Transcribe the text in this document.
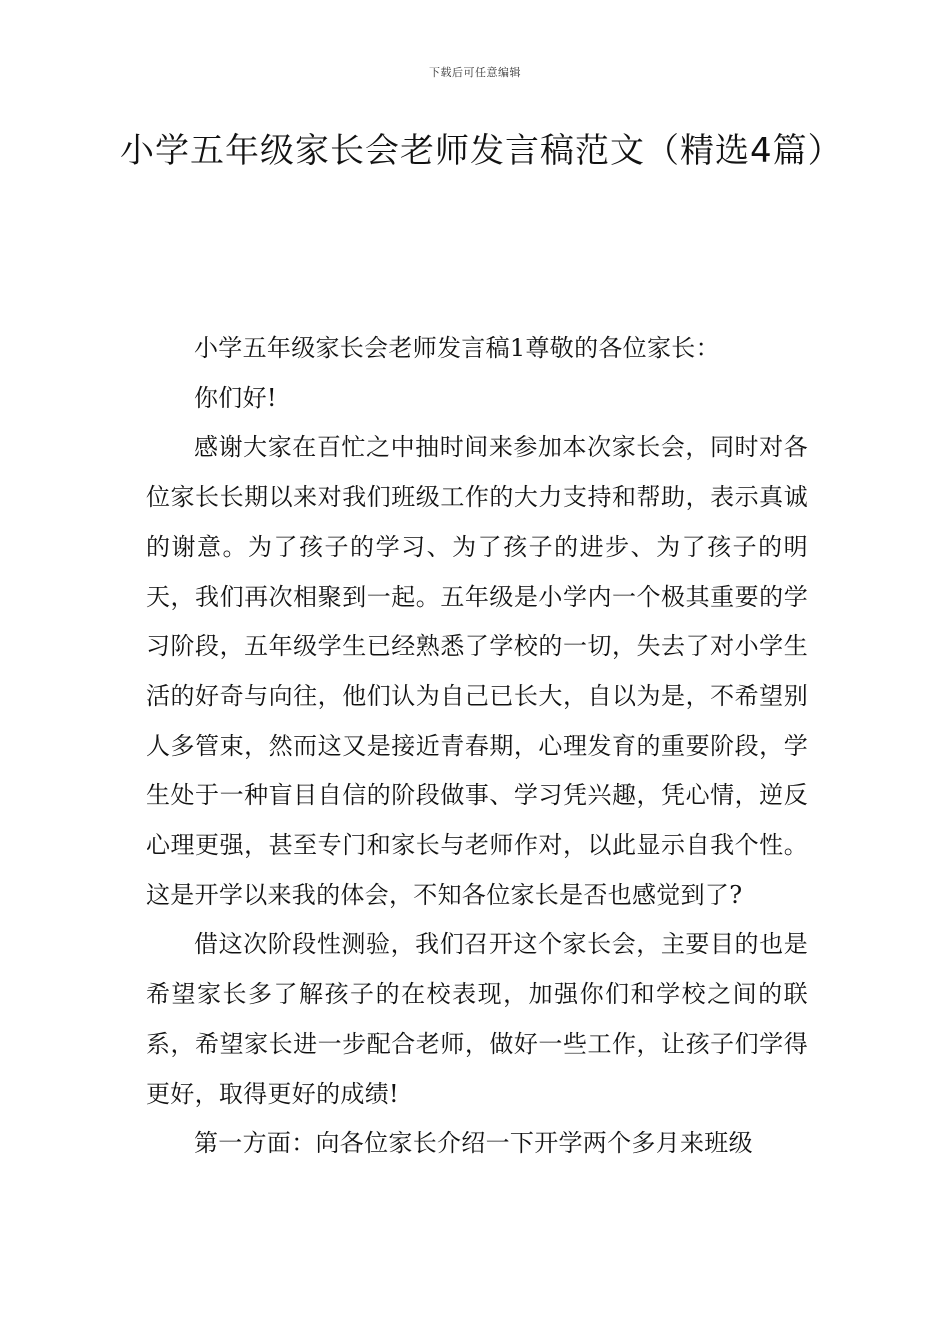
下载后可任意编辑
小学五年级家长会老师发言稿范文（精选4篇）

小学五年级家长会老师发言稿1尊敬的各位家长：

你们好!

感谢大家在百忙之中抽时间来参加本次家长会，同时对各位家长长期以来对我们班级工作的大力支持和帮助，表示真诚的谢意。为了孩子的学习、为了孩子的进步、为了孩子的明天，我们再次相聚到一起。五年级是小学内一个极其重要的学习阶段，五年级学生已经熟悉了学校的一切，失去了对小学生活的好奇与向往，他们认为自己已长大，自以为是，不希望别人多管束，然而这又是接近青春期，心理发育的重要阶段，学生处于一种盲目自信的阶段做事、学习凭兴趣，凭心情，逆反心理更强，甚至专门和家长与老师作对，以此显示自我个性。这是开学以来我的体会，不知各位家长是否也感觉到了?

借这次阶段性测验，我们召开这个家长会，主要目的也是希望家长多了解孩子的在校表现，加强你们和学校之间的联系，希望家长进一步配合老师，做好一些工作，让孩子们学得更好，取得更好的成绩!

第一方面：向各位家长介绍一下开学两个多月来班级
